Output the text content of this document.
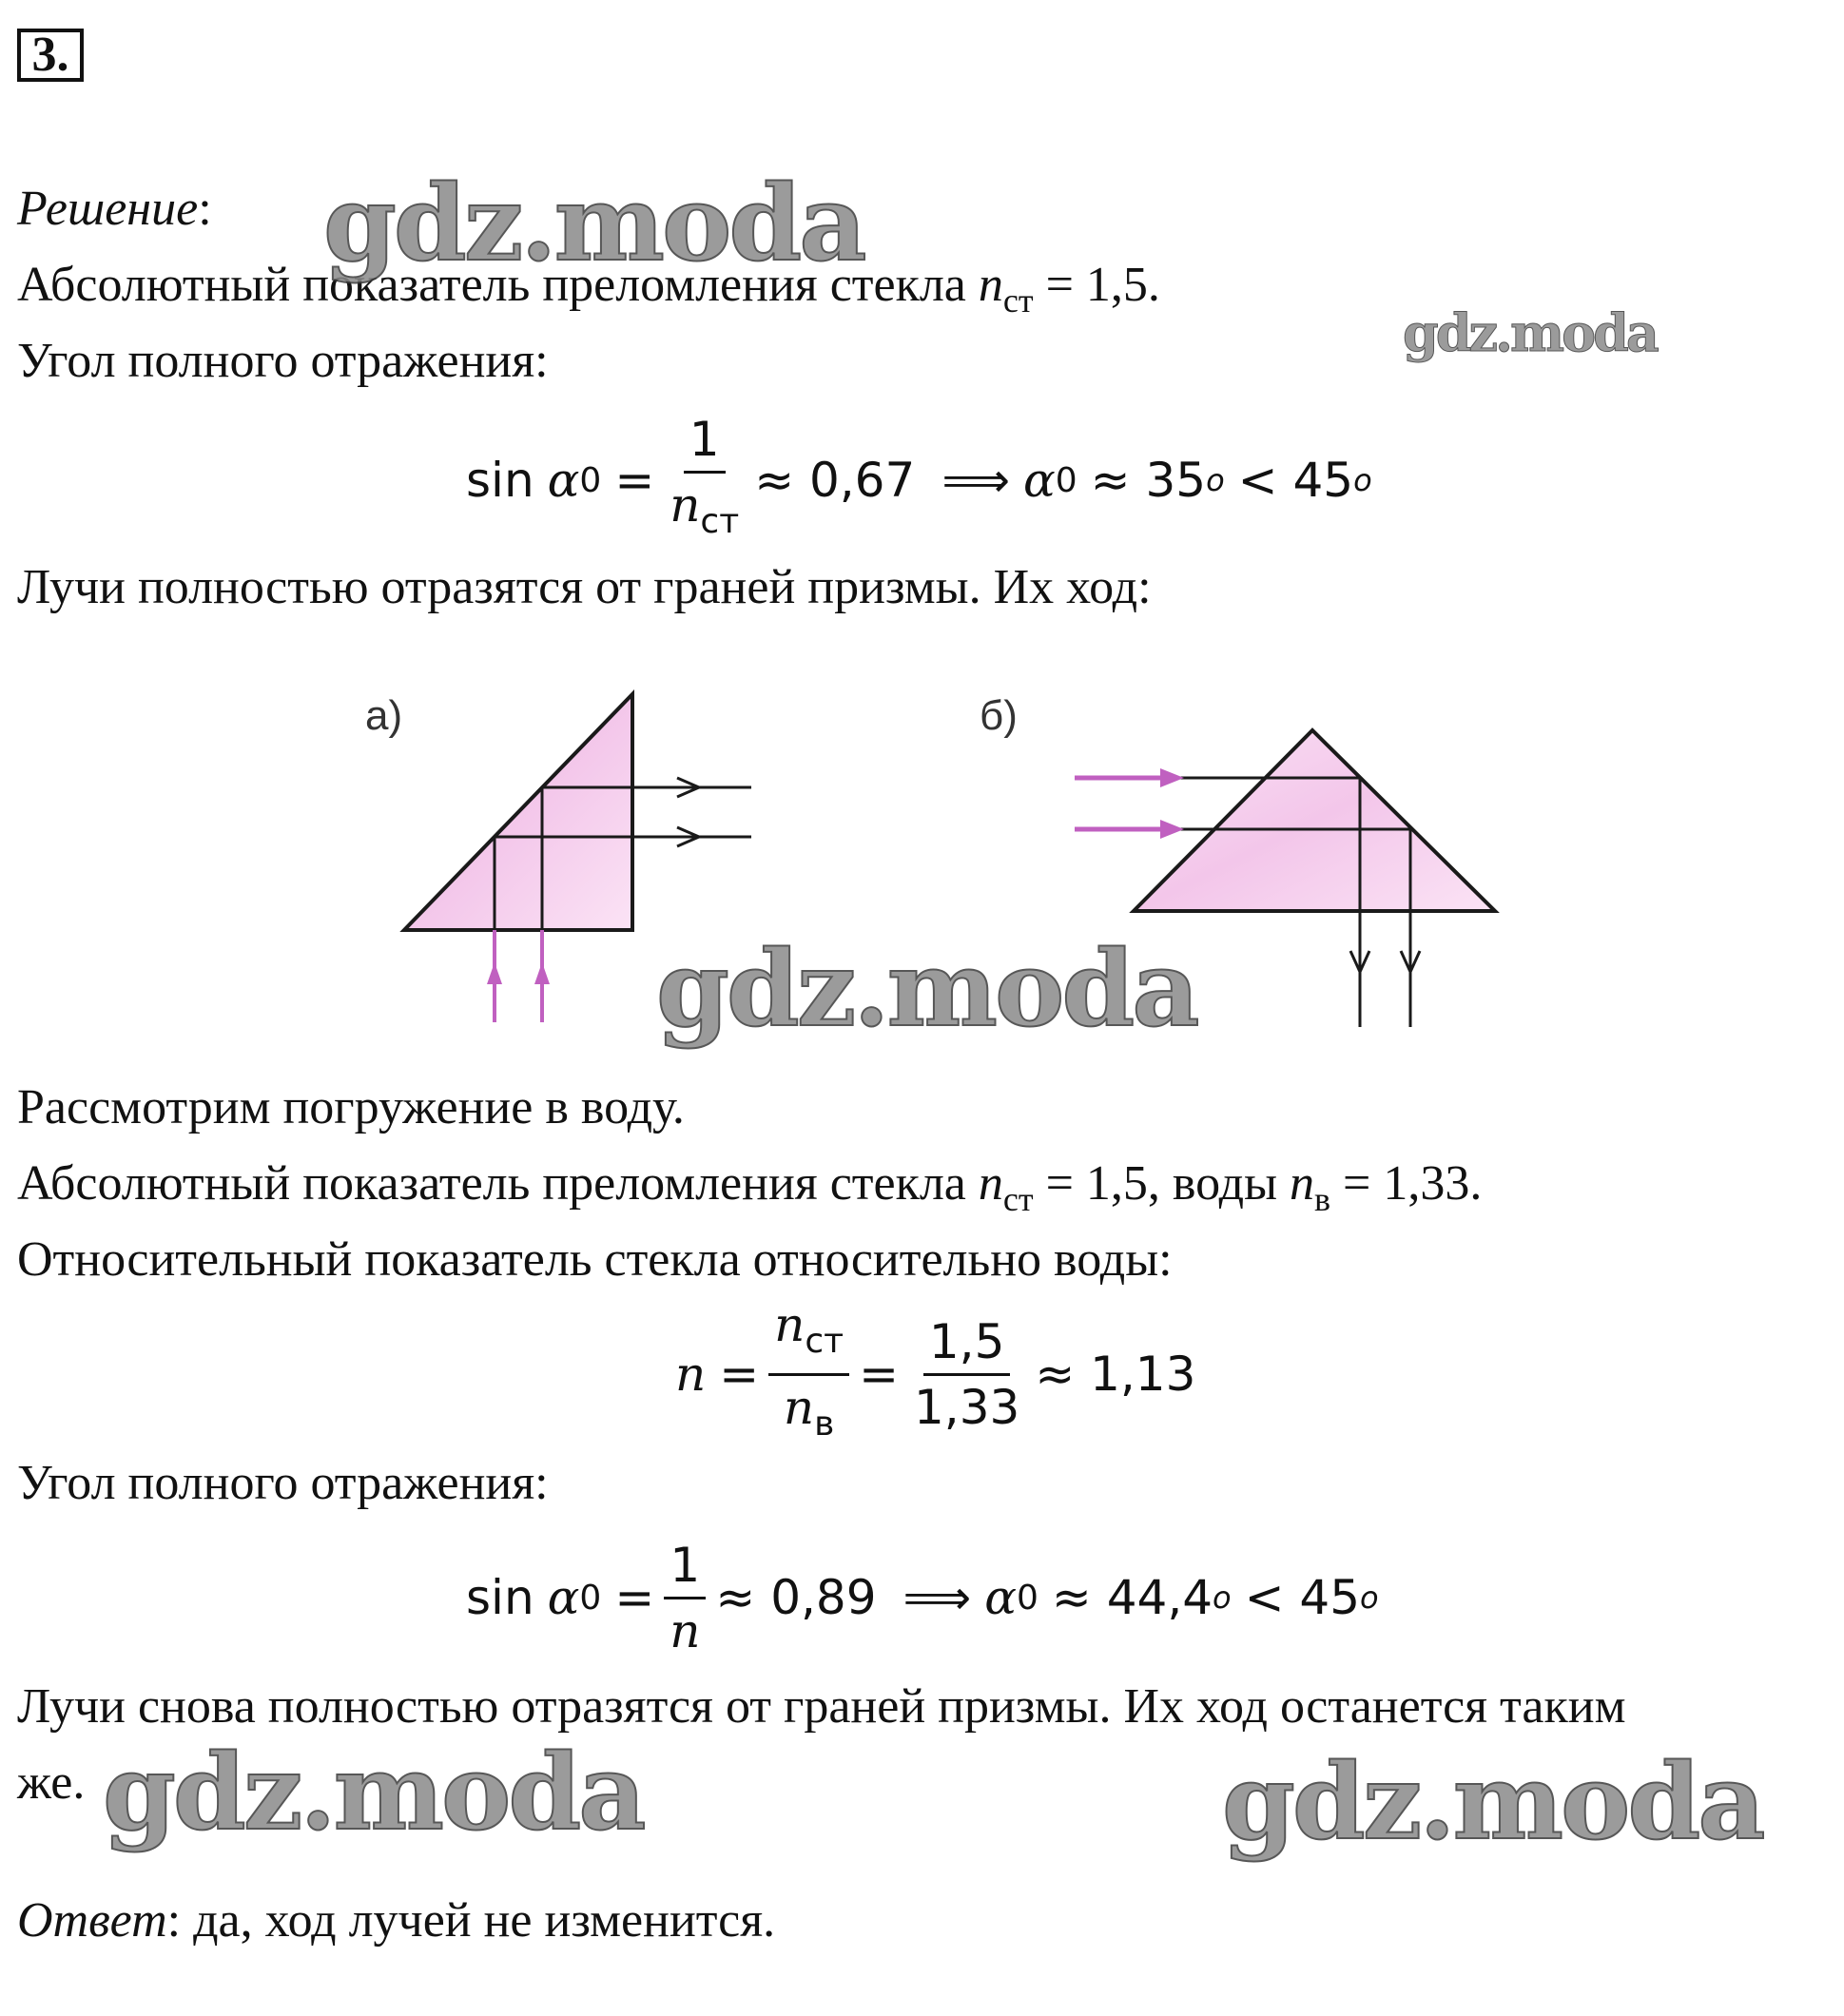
3.
Решение:
Абсолютный показатель преломления стекла $n_{ст} = 1,5$.
Угол полного отражения:
sin α $0 = \frac{1}{n_{ст}} \approx 0,67$ ⟹ α 0 ≈ 35 o < 45 o
Лучи полностью отразятся от граней призмы. Их ход:
а)	б)
Рассмотрим погружение в воду.
Абсолютный показатель преломления стекла $n_{ст} = 1,5$, воды $n_в = 1,33$.
Относительный показатель стекла относительно воды:
$n = \frac{n_{ст}}{n_в} = \frac{1,5}{1,33} \approx 1,13$
Угол полного отражения:
sin α $0 = \frac{1}{n} \approx 0,89$ ⟹ α 0 ≈ 44,4 o < 45 o
Лучи снова полностью отразятся от граней призмы. Их ход останется таким
же.
Ответ: да, ход лучей не изменится.
gdz.moda
gdz.moda
gdz.moda
gdz.moda	gdz.moda
